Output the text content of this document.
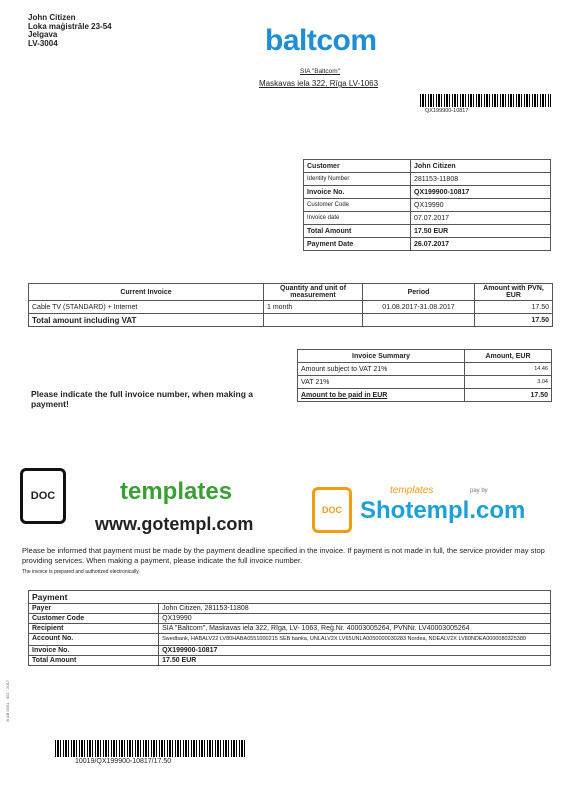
John Citizen
Loka maģistrāle 23-54
Jelgava
LV-3004	baltcom
SIA "Baltcom"
Maskavas iela 322, Rīga LV-1063
QX199900-10817
Customer	John Citizen
Identity Number	281153-11808
Invoice No.	QX199900-10817
Customer Code	QX19990
Invoice date	07.07.2017
Total Amount	17.50 EUR
Payment Date	26.07.2017
Current Invoice	Quantity and unit of measurement	Period	Amount with PVN, EUR
Cable TV (STANDARD) + Internet	1 month	01.08.2017-31.08.2017	17.50
Total amount including VAT			17.50
Invoice Summary	Amount, EUR
Amount subject to VAT 21%	14.46
VAT 21%	3.04
Amount to be paid in EUR	17.50
Please indicate the full invoice number, when making a payment!
DOC	templates
www.gotempl.com
DOC
templates	pay by
Shotempl.com
Please be informed that payment must be made by the payment deadline specified in the invoice. If payment is not made in full, the service provider may stop providing services. When making a payment, please indicate the full invoice number.
The invoice is prepared and authorized electronically.
Payment	
Payer	John Citizen, 281153-11808
Customer Code	QX19990
Recipient	SIA "Baltcom", Maskavas iela 322, Rīga, LV- 1063, Reģ.Nr. 40003005264, PVNNr. LV40003005264
Account No.	Swedbank, HABALV22 LV80HABA0551000215 SEB banka, UNLALV2X LV65UNLA0050000030283 Nordea, NDEALV2X LV80NDEA0000080325380
Invoice No.	QX199900-10817
Total Amount	17.50 EUR
10019/QX199900-10817/17.50
B AB 0001 · 002 · 2017
